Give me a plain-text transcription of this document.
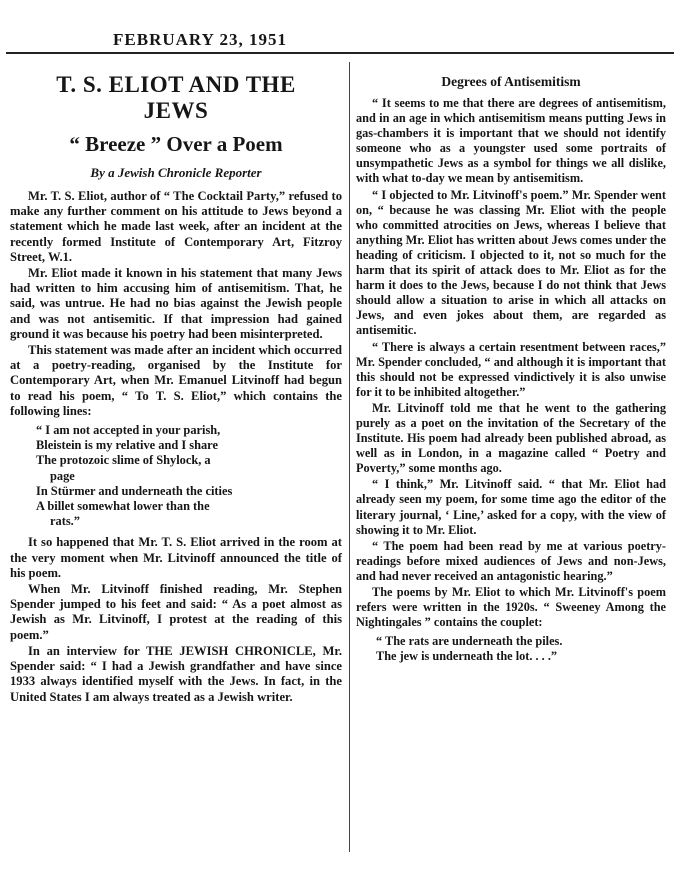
FEBRUARY 23, 1951
T. S. ELIOT AND THE
JEWS
“ Breeze ” Over a Poem
By a Jewish Chronicle Reporter

Mr. T. S. Eliot, author of “ The Cocktail Party,” refused to make any further comment on his attitude to Jews beyond a statement which he made last week, after an incident at the recently formed Institute of Contemporary Art, Fitzroy Street, W.1.

Mr. Eliot made it known in his statement that many Jews had written to him accusing him of antisemitism. That, he said, was untrue. He had no bias against the Jewish people and was not antisemitic. If that impression had gained ground it was because his poetry had been misinterpreted.

This statement was made after an incident which occurred at a poetry-reading, organised by the Institute for Contemporary Art, when Mr. Emanuel Litvinoff had begun to read his poem, “ To T. S. Eliot,” which contains the following lines:

“ I am not accepted in your parish,
Bleistein is my relative and I share
The protozoic slime of Shylock, a
page
In Stürmer and underneath the cities
A billet somewhat lower than the
rats.”

It so happened that Mr. T. S. Eliot arrived in the room at the very moment when Mr. Litvinoff announced the title of his poem.

When Mr. Litvinoff finished reading, Mr. Stephen Spender jumped to his feet and said: “ As a poet almost as Jewish as Mr. Litvinoff, I protest at the reading of this poem.”

In an interview for THE JEWISH CHRONICLE, Mr. Spender said: “ I had a Jewish grandfather and have since 1933 always identified myself with the Jews. In fact, in the United States I am always treated as a Jewish writer.

Degrees of Antisemitism

“ It seems to me that there are degrees of antisemitism, and in an age in which antisemitism means putting Jews in gas-chambers it is important that we should not identify someone who as a youngster used some portraits of unsympathetic Jews as a symbol for things we all dislike, with what to-day we mean by antisemitism.

“ I objected to Mr. Litvinoff's poem.” Mr. Spender went on, “ because he was classing Mr. Eliot with the people who committed atrocities on Jews, whereas I believe that anything Mr. Eliot has written about Jews comes under the heading of criticism. I objected to it, not so much for the harm that its spirit of attack does to Mr. Eliot as for the harm it does to the Jews, because I do not think that Jews should allow a situation to arise in which all attacks on Jews, and even jokes about them, are regarded as antisemitic.

“ There is always a certain resentment between races,” Mr. Spender concluded, “ and although it is important that this should not be expressed vindictively it is also unwise for it to be inhibited altogether.”

Mr. Litvinoff told me that he went to the gathering purely as a poet on the invitation of the Secretary of the Institute. His poem had already been published abroad, as well as in London, in a magazine called “ Poetry and Poverty,” some months ago.

“ I think,” Mr. Litvinoff said. “ that Mr. Eliot had already seen my poem, for some time ago the editor of the literary journal, ‘ Line,’ asked for a copy, with the view of showing it to Mr. Eliot.

“ The poem had been read by me at various poetry-readings before mixed audiences of Jews and non-Jews, and had never received an antagonistic hearing.”

The poems by Mr. Eliot to which Mr. Litvinoff's poem refers were written in the 1920s. “ Sweeney Among the Nightingales ” contains the couplet:

“ The rats are underneath the piles.
The jew is underneath the lot. . . .”
